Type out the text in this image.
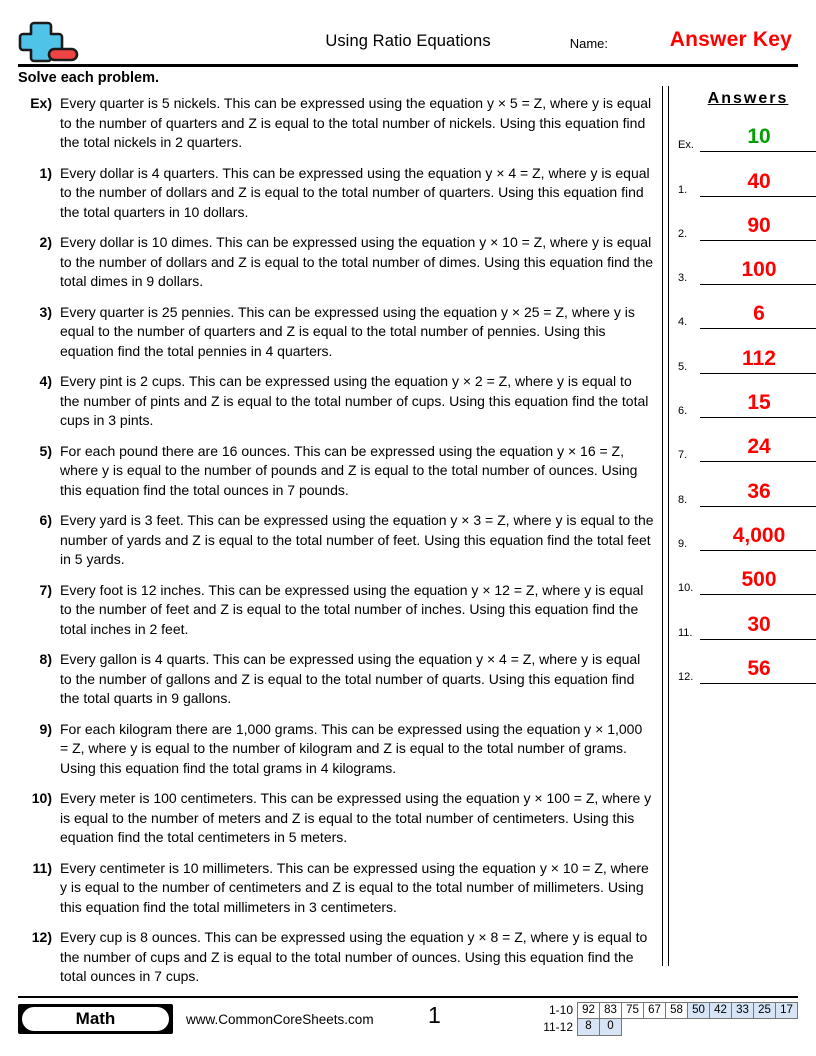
Using Ratio Equations	Name:	Answer Key
Solve each problem.
Ex) Every quarter is 5 nickels. This can be expressed using the equation y × 5 = Z, where y is equal to the number of quarters and Z is equal to the total number of nickels. Using this equation find the total nickels in 2 quarters.
1) Every dollar is 4 quarters. This can be expressed using the equation y × 4 = Z, where y is equal to the number of dollars and Z is equal to the total number of quarters. Using this equation find the total quarters in 10 dollars.
2) Every dollar is 10 dimes. This can be expressed using the equation y × 10 = Z, where y is equal to the number of dollars and Z is equal to the total number of dimes. Using this equation find the total dimes in 9 dollars.
3) Every quarter is 25 pennies. This can be expressed using the equation y × 25 = Z, where y is equal to the number of quarters and Z is equal to the total number of pennies. Using this equation find the total pennies in 4 quarters.
4) Every pint is 2 cups. This can be expressed using the equation y × 2 = Z, where y is equal to the number of pints and Z is equal to the total number of cups. Using this equation find the total cups in 3 pints.
5) For each pound there are 16 ounces. This can be expressed using the equation y × 16 = Z, where y is equal to the number of pounds and Z is equal to the total number of ounces. Using this equation find the total ounces in 7 pounds.
6) Every yard is 3 feet. This can be expressed using the equation y × 3 = Z, where y is equal to the number of yards and Z is equal to the total number of feet. Using this equation find the total feet in 5 yards.
7) Every foot is 12 inches. This can be expressed using the equation y × 12 = Z, where y is equal to the number of feet and Z is equal to the total number of inches. Using this equation find the total inches in 2 feet.
8) Every gallon is 4 quarts. This can be expressed using the equation y × 4 = Z, where y is equal to the number of gallons and Z is equal to the total number of quarts. Using this equation find the total quarts in 9 gallons.
9) For each kilogram there are 1,000 grams. This can be expressed using the equation y × 1,000 = Z, where y is equal to the number of kilogram and Z is equal to the total number of grams. Using this equation find the total grams in 4 kilograms.
10) Every meter is 100 centimeters. This can be expressed using the equation y × 100 = Z, where y is equal to the number of meters and Z is equal to the total number of centimeters. Using this equation find the total centimeters in 5 meters.
11) Every centimeter is 10 millimeters. This can be expressed using the equation y × 10 = Z, where y is equal to the number of centimeters and Z is equal to the total number of millimeters. Using this equation find the total millimeters in 3 centimeters.
12) Every cup is 8 ounces. This can be expressed using the equation y × 8 = Z, where y is equal to the number of cups and Z is equal to the total number of ounces. Using this equation find the total ounces in 7 cups.
Answers
Ex.	10
1.	40
2.	90
3.	100
4.	6
5.	112
6.	15
7.	24
8.	36
9.	4,000
10.	500
11.	30
12.	56
Math	www.CommonCoreSheets.com 1	1-10 92 83 75 67 58 50 42 33 25 17
11-12	8	0
